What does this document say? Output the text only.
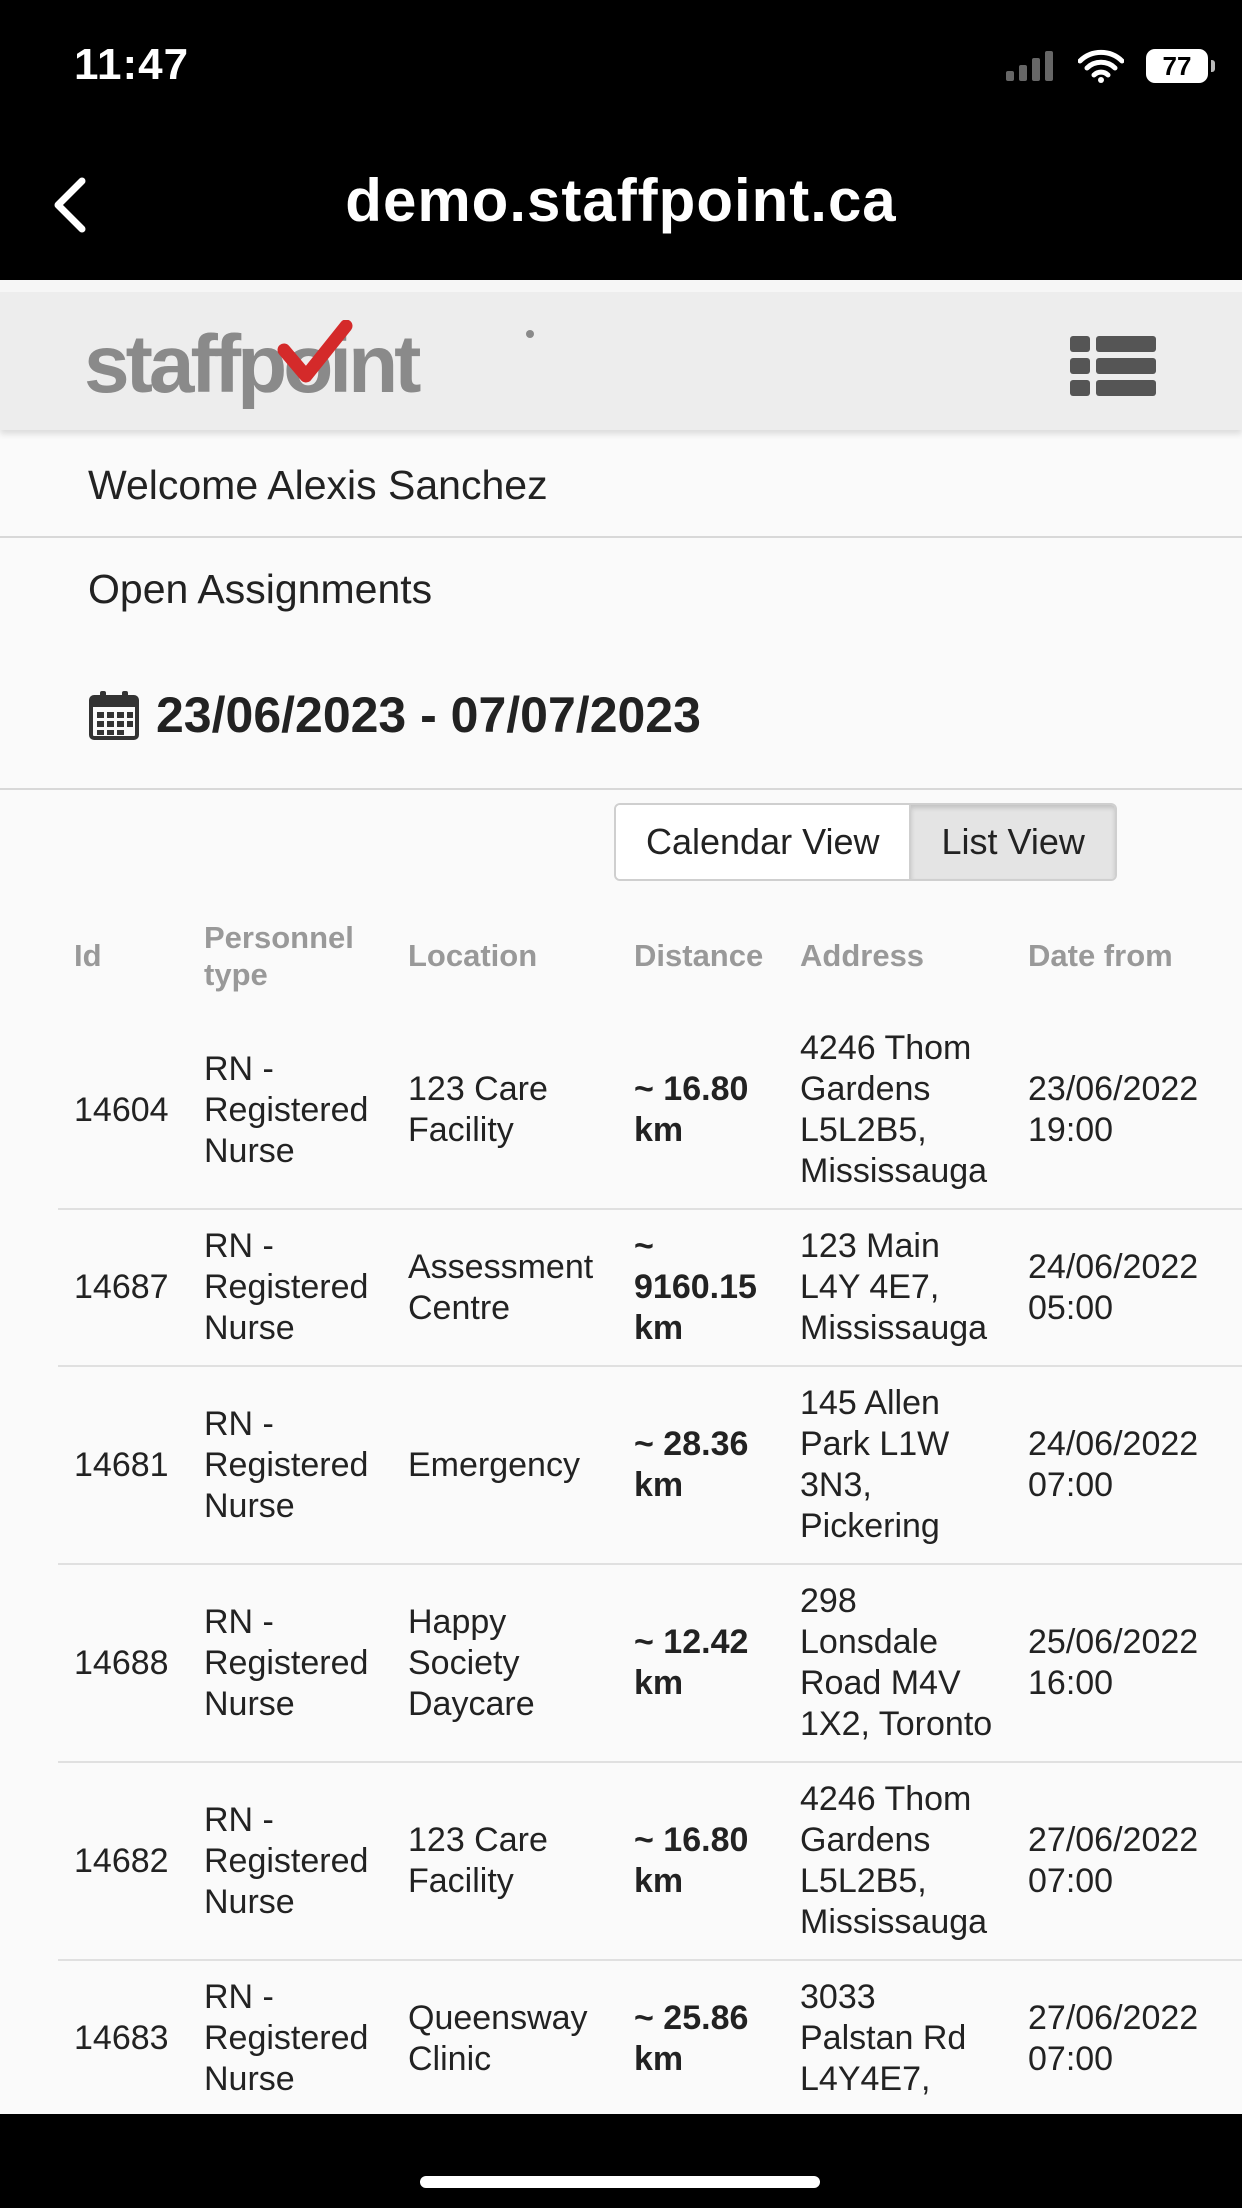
11:47	77
demo.staffpoint.ca
staffpoint
Welcome Alexis Sanchez
Open Assignments
23/06/2023 - 07/07/2023
Calendar View	List View
Id	Personnel type	Location	Distance	Address	Date from
14604	RN - Registered Nurse	123 Care Facility	~ 16.80 km	4246 Thom Gardens L5L2B5, Mississauga	23/06/2022 19:00
14687	RN - Registered Nurse	Assessment Centre	~ 9160.15 km	123 Main L4Y 4E7, Mississauga	24/06/2022 05:00
14681	RN - Registered Nurse	Emergency	~ 28.36 km	145 Allen Park L1W 3N3, Pickering	24/06/2022 07:00
14688	RN - Registered Nurse	Happy Society Daycare	~ 12.42 km	298 Lonsdale Road M4V 1X2, Toronto	25/06/2022 16:00
14682	RN - Registered Nurse	123 Care Facility	~ 16.80 km	4246 Thom Gardens L5L2B5, Mississauga	27/06/2022 07:00
14683	RN - Registered Nurse	Queensway Clinic	~ 25.86 km	3033 Palstan Rd L4Y4E7,	27/06/2022 07:00
